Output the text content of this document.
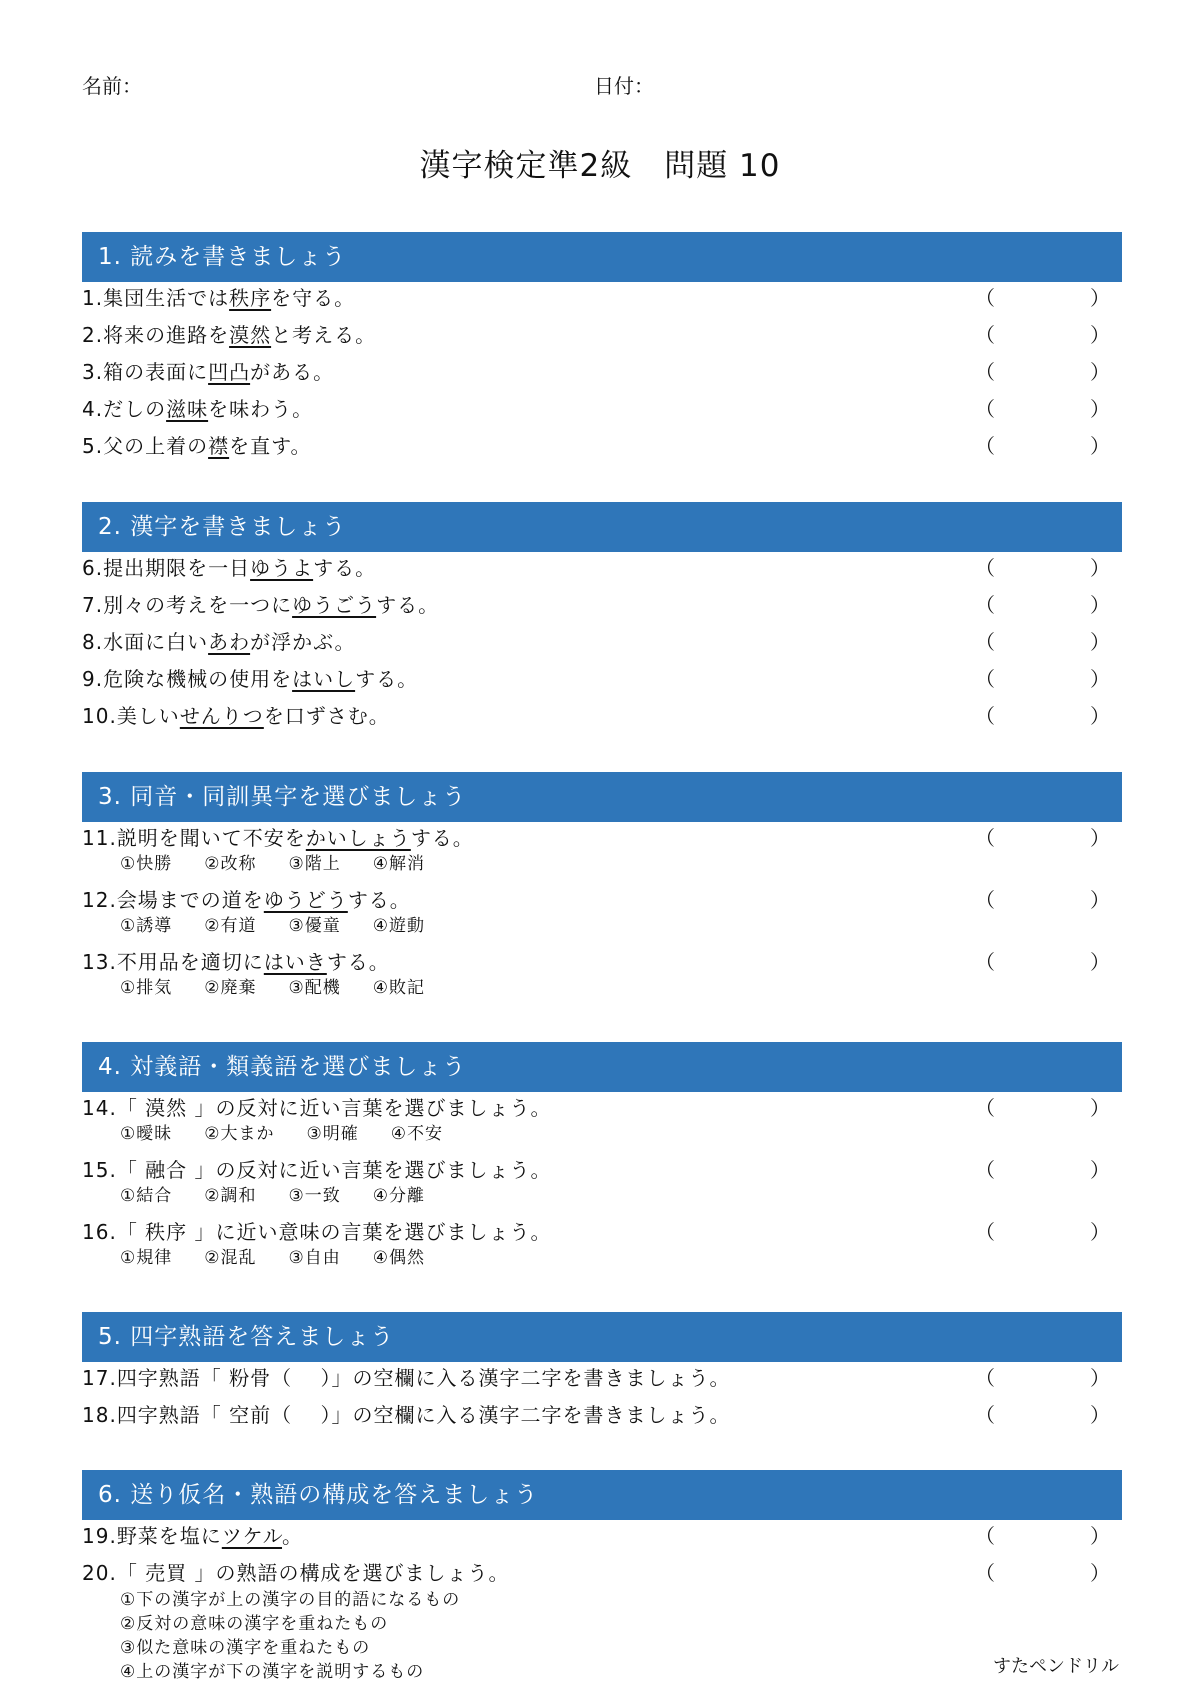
名前：	日付：
漢字検定準2級　問題 10
1. 読みを書きましょう
1.集団生活では秩序を守る。	（	）
2.将来の進路を漠然と考える。	（	）
3.箱の表面に凹凸がある。	（	）
4.だしの滋味を味わう。	（	）
5.父の上着の襟を直す。	（	）
2. 漢字を書きましょう
6.提出期限を一日ゆうよする。	（	）
7.別々の考えを一つにゆうごうする。	（	）
8.水面に白いあわが浮かぶ。	（	）
9.危険な機械の使用をはいしする。	（	）
10.美しいせんりつを口ずさむ。	（	）
3. 同音・同訓異字を選びましょう
11.説明を聞いて不安をかいしょうする。	（	）
①快勝 ②改称 ③階上 ④解消
12.会場までの道をゆうどうする。	（	）
①誘導 ②有道 ③優童 ④遊動
13.不用品を適切にはいきする。	（	）
①排気 ②廃棄 ③配機 ④敗記
4. 対義語・類義語を選びましょう
14.「 漠然 」の反対に近い言葉を選びましょう。	（	）
①曖昧 ②大まか ③明確 ④不安
15.「 融合 」の反対に近い言葉を選びましょう。	（	）
①結合 ②調和 ③一致 ④分離
16.「 秩序 」に近い意味の言葉を選びましょう。	（	）
①規律 ②混乱 ③自由 ④偶然
5. 四字熟語を答えましょう
17.四字熟語「 粉骨（　 ）」の空欄に入る漢字二字を書きましょう。	（	）
18.四字熟語「 空前（　 ）」の空欄に入る漢字二字を書きましょう。	（	）
6. 送り仮名・熟語の構成を答えましょう
19.野菜を塩にツケル。	（	）
20.「 売買 」の熟語の構成を選びましょう。	（	）
①下の漢字が上の漢字の目的語になるもの②反対の意味の漢字を重ねたもの③似た意味の漢字を重ねたもの④上の漢字が下の漢字を説明するもの	すたペンドリル
